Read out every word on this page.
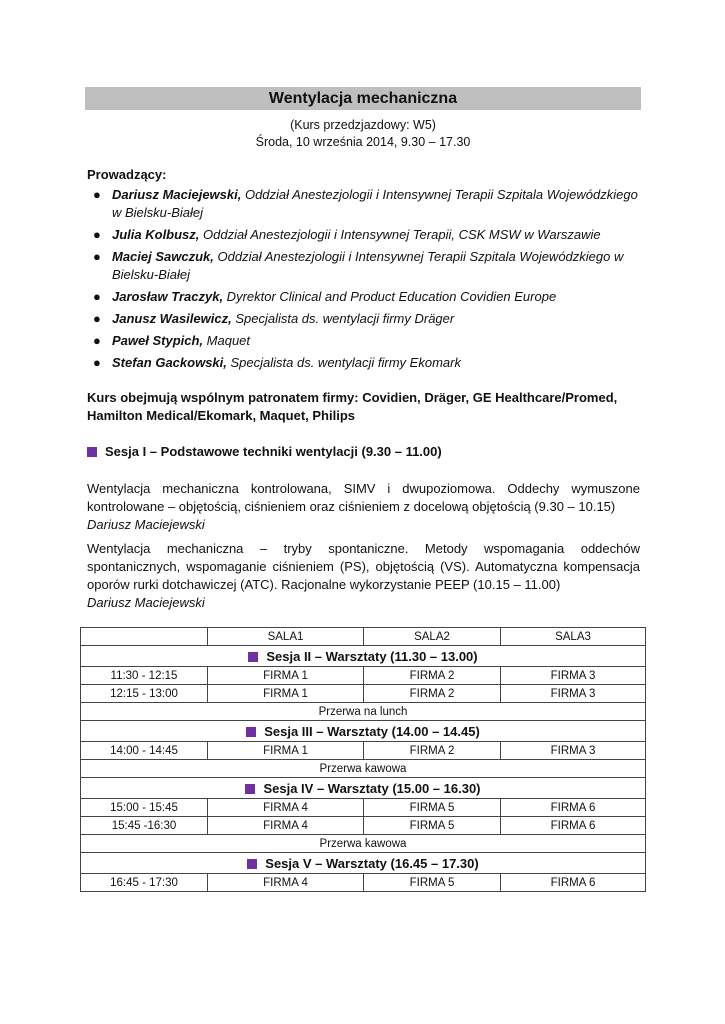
Wentylacja mechaniczna
(Kurs przedzjazdowy: W5)
Środa, 10 września 2014, 9.30 – 17.30
Prowadzący:
● Dariusz Maciejewski, Oddział Anestezjologii i Intensywnej Terapii Szpitala Wojewódzkiego w Bielsku-Białej
● Julia Kolbusz, Oddział Anestezjologii i Intensywnej Terapii, CSK MSW w Warszawie
● Maciej Sawczuk, Oddział Anestezjologii i Intensywnej Terapii Szpitala Wojewódzkiego w Bielsku-Białej
● Jarosław Traczyk, Dyrektor Clinical and Product Education Covidien Europe
● Janusz Wasilewicz, Specjalista ds. wentylacji firmy Dräger
● Paweł Stypich, Maquet
● Stefan Gackowski, Specjalista ds. wentylacji firmy Ekomark
Kurs obejmują wspólnym patronatem firmy: Covidien, Dräger, GE Healthcare/Promed, Hamilton Medical/Ekomark, Maquet, Philips
Sesja I – Podstawowe techniki wentylacji (9.30 – 11.00)
Wentylacja mechaniczna kontrolowana, SIMV i dwupoziomowa. Oddechy wymuszone kontrolowane – objętością, ciśnieniem oraz ciśnieniem z docelową objętością (9.30 – 10.15)
Dariusz Maciejewski
Wentylacja mechaniczna – tryby spontaniczne. Metody wspomagania oddechów spontanicznych, wspomaganie ciśnieniem (PS), objętością (VS). Automatyczna kompensacja oporów rurki dotchawiczej (ATC). Racjonalne wykorzystanie PEEP (10.15 – 11.00)
Dariusz Maciejewski
	SALA1	SALA2	SALA3
Sesja II – Warsztaty (11.30 – 13.00)			
11:30 - 12:15	FIRMA 1	FIRMA 2	FIRMA 3
12:15 - 13:00	FIRMA 1	FIRMA 2	FIRMA 3
Przerwa na lunch			
Sesja III – Warsztaty (14.00 – 14.45)			
14:00 - 14:45	FIRMA 1	FIRMA 2	FIRMA 3
Przerwa kawowa			
Sesja IV – Warsztaty (15.00 – 16.30)			
15:00 - 15:45	FIRMA 4	FIRMA 5	FIRMA 6
15:45 -16:30	FIRMA 4	FIRMA 5	FIRMA 6
Przerwa kawowa			
Sesja V – Warsztaty (16.45 – 17.30)			
16:45 - 17:30	FIRMA 4	FIRMA 5	FIRMA 6
